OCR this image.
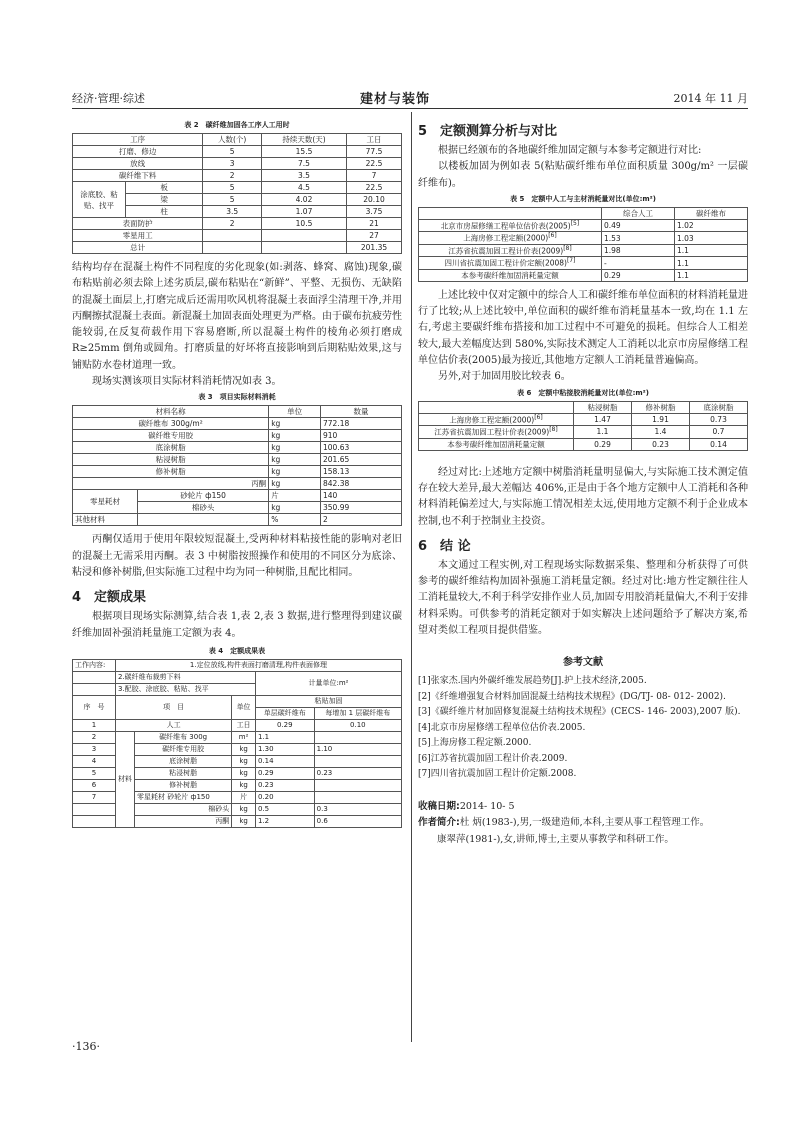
经济·管理·综述	建材与装饰	2014 年 11 月
表 2　碳纤维加固各工序人工用时
工序		人数(个)	持续天数(天)	工日
打磨、修边		5	15.5	77.5
放线		3	7.5	22.5
碳纤维下料		2	3.5	7
涂底胶、粘贴、找平	板	5	4.5	22.5
	梁	5	4.02	20.10
	柱	3.5	1.07	3.75
表面防护		2	10.5	21
零星用工				27
总计				201.35

结构均存在混凝土构件不同程度的劣化现象(如:剥落、蜂窝、腐蚀)现象,碳布粘贴前必须去除上述劣质层,碳布粘贴在“新鲜”、平整、无损伤、无缺陷的混凝土面层上,打磨完成后还需用吹风机将混凝土表面浮尘清理干净,并用丙酮擦拭混凝土表面。新混凝土加固表面处理更为严格。由于碳布抗疲劳性能较弱,在反复荷载作用下容易磨断,所以混凝土构件的棱角必须打磨成 R≥25mm 倒角或圆角。打磨质量的好坏将直接影响到后期粘贴效果,这与铺贴防水卷材道理一致。

现场实测该项目实际材料消耗情况如表 3。

表 3　项目实际材料消耗
材料名称		单位	数量
碳纤维布 300g/m²		kg	772.18
碳纤维专用胶		kg	910
底涂树脂		kg	100.63
粘浸树脂		kg	201.65
修补树脂		kg	158.13
丙酮		kg	842.38
零星耗材	砂轮片 ф150	片	140
	棉砂头	kg	350.99
其他材料		%	2

丙酮仅适用于使用年限较短混凝土,受两种材料粘接性能的影响对老旧的混凝土无需采用丙酮。表 3 中树脂按照操作和使用的不同区分为底涂、粘浸和修补树脂,但实际施工过程中均为同一种树脂,且配比相同。

4　定额成果

根据项目现场实际测算,结合表 1,表 2,表 3 数据,进行整理得到建议碳纤维加固补强消耗量施工定额为表 4。

表 4　定额成果表
工作内容:	1.定位放线,构件表面打磨清理,构件表面修理				
	2.碳纤维布裁剪下料			计量单位:m²	
	3.配胶、涂底胶、粘贴、找平				
序　号	项　目		单位	粘贴加固	
				单层碳纤维布	每增加 1 层碳纤维布
1	人工		工日	0.29	0.10
2	材料	碳纤维布 300g	m²	1.1	
3		碳纤维专用胶	kg	1.30	1.10
4		底涂树脂	kg	0.14	
5		粘浸树脂	kg	0.29	0.23
6		修补树脂	kg	0.23	
7		零星耗材 砂轮片 ф150	片	0.20	
		棉砂头	kg	0.5	0.3
		丙酮	kg	1.2	0.6
5　定额测算分析与对比

根据已经颁布的各地碳纤维加固定额与本参考定额进行对比:

以楼板加固为例如表 5(粘贴碳纤维布单位面积质量 300g/m² 一层碳纤维布)。

表 5　定额中人工与主材消耗量对比(单位:m²)
	综合人工	碳纤维布
北京市房屋修缮工程单位估价表(2005)[5]	0.49	1.02
上海房修工程定额(2000)[6]	1.53	1.03
江苏省抗震加固工程计价表(2009)[8]	1.98	1.1
四川省抗震加固工程计价定额(2008)[7]	-	1.1
本参考碳纤维加固消耗量定额	0.29	1.1

上述比较中仅对定额中的综合人工和碳纤维布单位面积的材料消耗量进行了比较;从上述比较中,单位面积的碳纤维布消耗量基本一致,均在 1.1 左右,考虑主要碳纤维布搭接和加工过程中不可避免的损耗。但综合人工相差较大,最大差幅度达到 580%,实际技术测定人工消耗以北京市房屋修缮工程单位估价表(2005)最为接近,其他地方定额人工消耗量普遍偏高。

另外,对于加固用胶比较表 6。

表 6　定额中粘接胶消耗量对比(单位:m²)
	粘浸树脂	修补树脂	底涂树脂
上海房修工程定额(2000)[6]	1.47	1.91	0.73
江苏省抗震加固工程计价表(2009)[8]	1.1	1.4	0.7
本参考碳纤维加固消耗量定额	0.29	0.23	0.14

经过对比:上述地方定额中树脂消耗量明显偏大,与实际施工技术测定值存在较大差异,最大差幅达 406%,正是由于各个地方定额中人工消耗和各种材料消耗偏差过大,与实际施工情况相差太远,使用地方定额不利于企业成本控制,也不利于控制业主投资。

6　结 论

本文通过工程实例,对工程现场实际数据采集、整理和分析获得了可供参考的碳纤维结构加固补强施工消耗量定额。经过对比:地方性定额往往人工消耗量较大,不利于科学安排作业人员,加固专用胶消耗量偏大,不利于安排材料采购。可供参考的消耗定额对于如实解决上述问题给予了解决方案,希望对类似工程项目提供借鉴。

参考文献
[1]张家杰.国内外碳纤维发展趋势[J].护上技术经济,2005.
[2]《纤维增强复合材料加固混凝土结构技术规程》(DG/TJ- 08- 012- 2002).
[3]《碳纤维片材加固修复混凝土结构技术规程》(CECS- 146- 2003),2007 版).
[4]北京市房屋修缮工程单位估价表.2005.
[5]上海房修工程定额.2000.
[6]江苏省抗震加固工程计价表.2009.
[7]四川省抗震加固工程计价定额.2008.
收稿日期:2014- 10- 5
作者简介:杜 炳(1983-),男,一级建造师,本科,主要从事工程管理工作。
康翠萍(1981-),女,讲师,博士,主要从事教学和科研工作。
·136·
